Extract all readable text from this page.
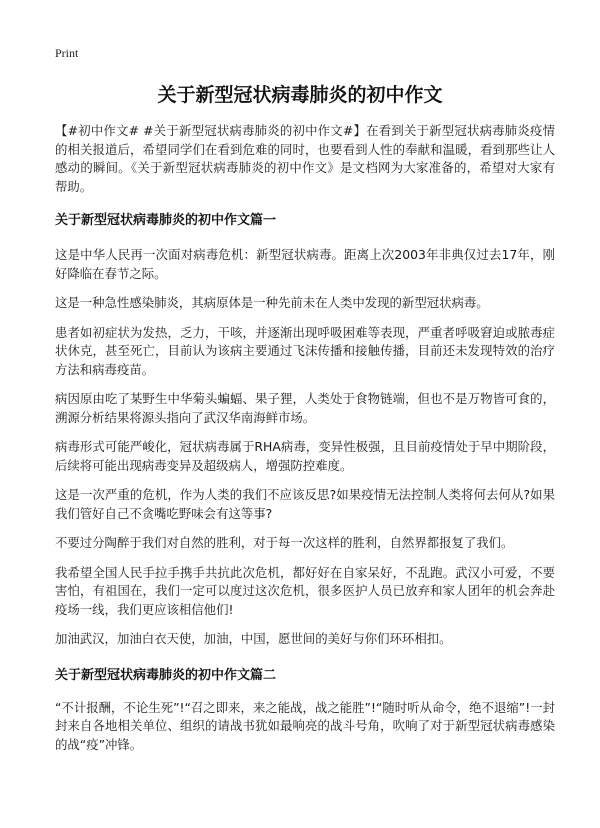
Print
关于新型冠状病毒肺炎的初中作文

【#初中作文# #关于新型冠状病毒肺炎的初中作文#】在看到关于新型冠状病毒肺炎疫情的相关报道后，希望同学们在看到危难的同时，也要看到人性的奉献和温暖，看到那些让人感动的瞬间。《关于新型冠状病毒肺炎的初中作文》是文档网为大家准备的，希望对大家有帮助。

关于新型冠状病毒肺炎的初中作文篇一

这是中华人民再一次面对病毒危机：新型冠状病毒。距离上次2003年非典仅过去17年，刚好降临在春节之际。

这是一种急性感染肺炎，其病原体是一种先前未在人类中发现的新型冠状病毒。

患者如初症状为发热，乏力，干咳，并逐渐出现呼吸困难等表现，严重者呼吸窘迫或脓毒症状休克，甚至死亡，目前认为该病主要通过飞沫传播和接触传播，目前还未发现特效的治疗方法和病毒疫苗。

病因原由吃了某野生中华菊头蝙蝠、果子狸，人类处于食物链端，但也不是万物皆可食的，溯源分析结果将源头指向了武汉华南海鲜市场。

病毒形式可能严峻化，冠状病毒属于RHA病毒，变异性极强，且目前疫情处于早中期阶段，后续将可能出现病毒变异及超级病人，增强防控难度。

这是一次严重的危机，作为人类的我们不应该反思?如果疫情无法控制人类将何去何从?如果我们管好自己不贪嘴吃野味会有这等事?

不要过分陶醉于我们对自然的胜利，对于每一次这样的胜利，自然界都报复了我们。

我希望全国人民手拉手携手共抗此次危机，都好好在自家呆好，不乱跑。武汉小可爱，不要害怕，有祖国在，我们一定可以度过这次危机，很多医护人员已放弃和家人团年的机会奔赴疫场一线，我们更应该相信他们!

加油武汉，加油白衣天使，加油，中国，愿世间的美好与你们环环相扣。

关于新型冠状病毒肺炎的初中作文篇二

“不计报酬，不论生死”!“召之即来，来之能战，战之能胜”!“随时听从命令，绝不退缩”!一封封来自各地相关单位、组织的请战书犹如最响亮的战斗号角，吹响了对于新型冠状病毒感染的战“疫”冲锋。
